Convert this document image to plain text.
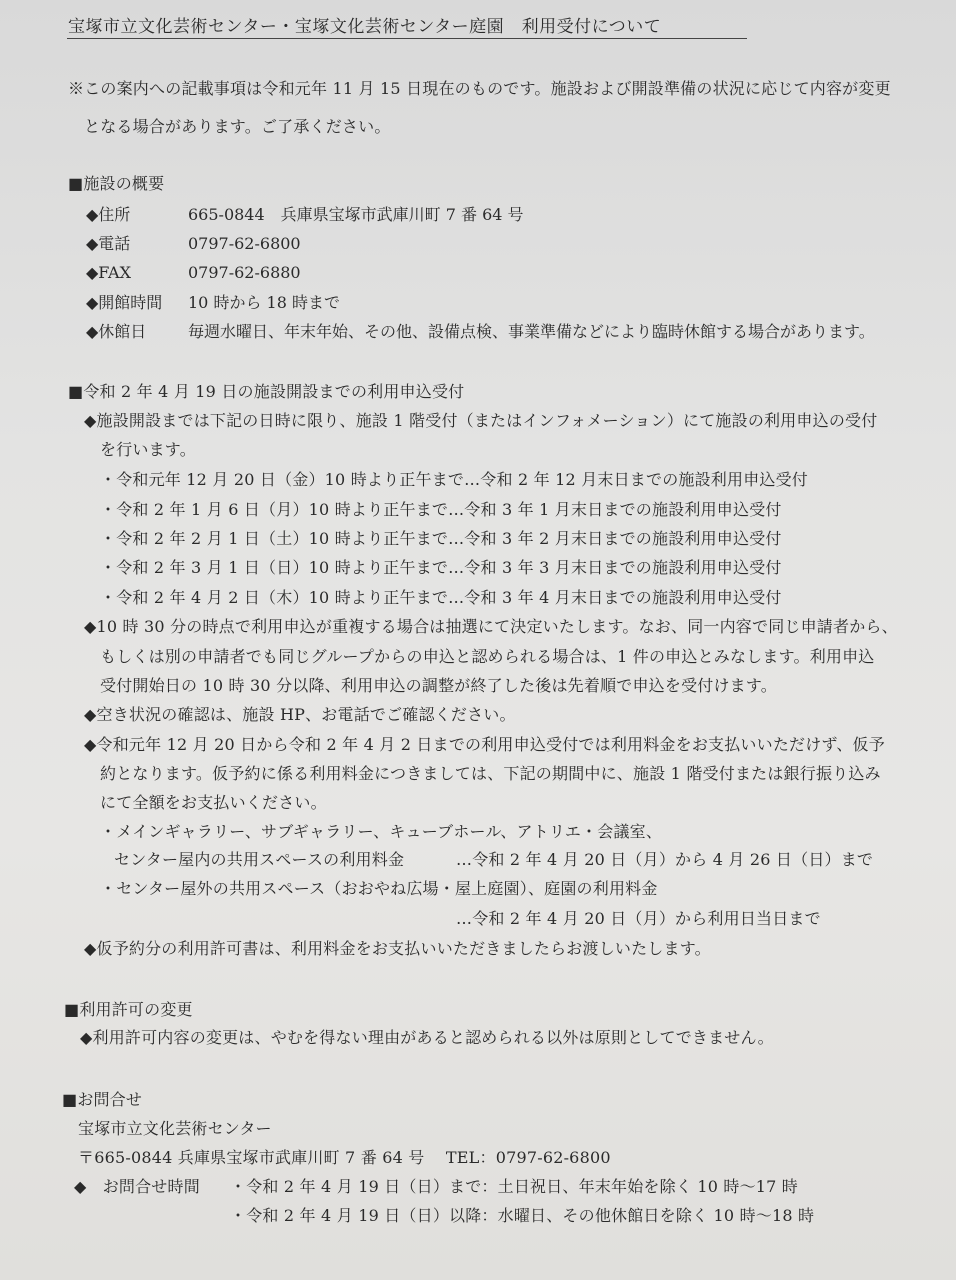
宝塚市立文化芸術センター・宝塚文化芸術センター庭園　利用受付について
※この案内への記載事項は令和元年 11 月 15 日現在のものです。施設および開設準備の状況に応じて内容が変更
となる場合があります。ご了承ください。
■施設の概要
◆住所	665-0844　兵庫県宝塚市武庫川町 7 番 64 号
◆電話	0797-62-6800
◆FAX	0797-62-6880
◆開館時間 10 時から 18 時まで
◆休館日	毎週水曜日、年末年始、その他、設備点検、事業準備などにより臨時休館する場合があります。
■令和 2 年 4 月 19 日の施設開設までの利用申込受付
◆施設開設までは下記の日時に限り、施設 1 階受付（またはインフォメーション）にて施設の利用申込の受付
を行います。
・令和元年 12 月 20 日（金）10 時より正午まで…令和 2 年 12 月末日までの施設利用申込受付
・令和 2 年 1 月 6 日（月）10 時より正午まで…令和 3 年 1 月末日までの施設利用申込受付
・令和 2 年 2 月 1 日（土）10 時より正午まで…令和 3 年 2 月末日までの施設利用申込受付
・令和 2 年 3 月 1 日（日）10 時より正午まで…令和 3 年 3 月末日までの施設利用申込受付
・令和 2 年 4 月 2 日（木）10 時より正午まで…令和 3 年 4 月末日までの施設利用申込受付
◆10 時 30 分の時点で利用申込が重複する場合は抽選にて決定いたします。なお、同一内容で同じ申請者から、
もしくは別の申請者でも同じグループからの申込と認められる場合は、1 件の申込とみなします。利用申込
受付開始日の 10 時 30 分以降、利用申込の調整が終了した後は先着順で申込を受付けます。
◆空き状況の確認は、施設 HP、お電話でご確認ください。
◆令和元年 12 月 20 日から令和 2 年 4 月 2 日までの利用申込受付では利用料金をお支払いいただけず、仮予
約となります。仮予約に係る利用料金につきましては、下記の期間中に、施設 1 階受付または銀行振り込み
にて全額をお支払いください。
・メインギャラリー、サブギャラリー、キューブホール、アトリエ・会議室、
センター屋内の共用スペースの利用料金	…令和 2 年 4 月 20 日（月）から 4 月 26 日（日）まで
・センター屋外の共用スペース（おおやね広場・屋上庭園）、庭園の利用料金
…令和 2 年 4 月 20 日（月）から利用日当日まで
◆仮予約分の利用許可書は、利用料金をお支払いいただきましたらお渡しいたします。
■利用許可の変更
◆利用許可内容の変更は、やむを得ない理由があると認められる以外は原則としてできません。
■お問合せ
宝塚市立文化芸術センター
〒665-0844 兵庫県宝塚市武庫川町 7 番 64 号　 TEL：0797-62-6800
◆　お問合せ時間 ・令和 2 年 4 月 19 日（日）まで：土日祝日、年末年始を除く 10 時～17 時
・令和 2 年 4 月 19 日（日）以降：水曜日、その他休館日を除く 10 時～18 時
